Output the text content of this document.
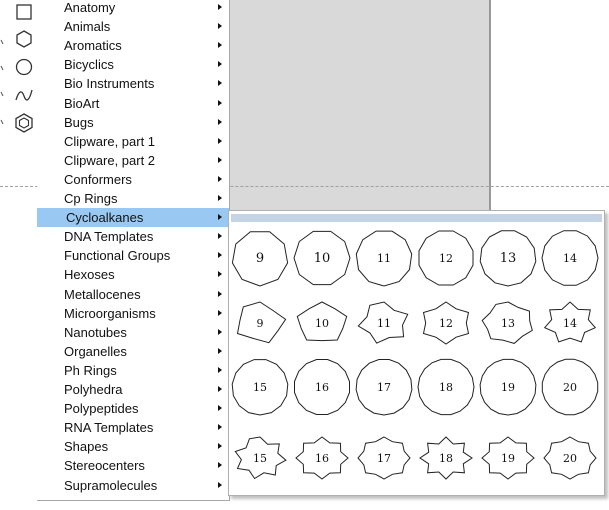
Anatomy
Animals
Aromatics
Bicyclics
Bio Instruments
BioArt
Bugs
Clipware, part 1
Clipware, part 2
Conformers
Cp Rings
Cycloalkanes
DNA Templates
Functional Groups
Hexoses
Metallocenes
Microorganisms
Nanotubes
Organelles
Ph Rings
Polyhedra
Polypeptides
RNA Templates
Shapes
Stereocenters
Supramolecules
9	10	11	12	13	14
9	10	11	12	13	14
15	16	17	18	19	20
15	16	17	18	19	20
